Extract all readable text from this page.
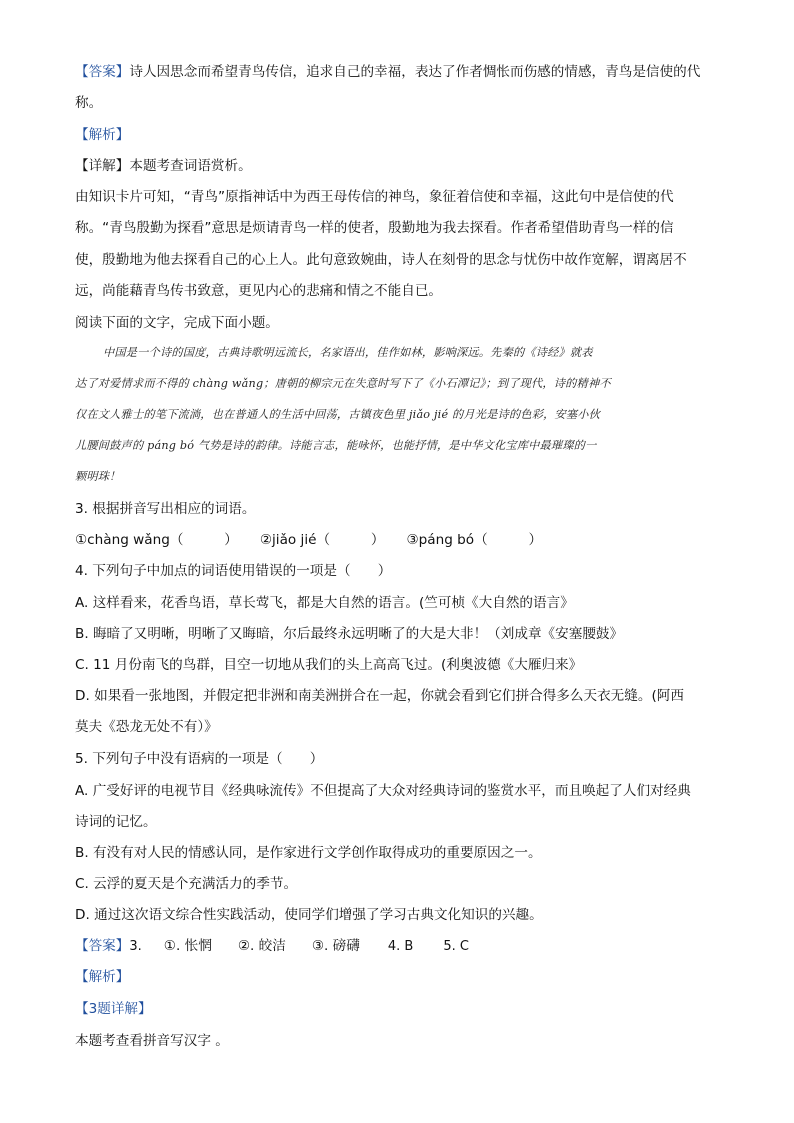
【答案】诗人因思念而希望青鸟传信，追求自己的幸福，表达了作者惆怅而伤感的情感，青鸟是信使的代
称。
【解析】
【详解】本题考查词语赏析。
由知识卡片可知，“青鸟”原指神话中为西王母传信的神鸟，象征着信使和幸福，这此句中是信使的代
称。“青鸟殷勤为探看”意思是烦请青鸟一样的使者，殷勤地为我去探看。作者希望借助青鸟一样的信
使，殷勤地为他去探看自己的心上人。此句意致婉曲，诗人在刻骨的思念与忧伤中故作宽解，谓离居不
远，尚能藉青鸟传书致意，更见内心的悲痛和情之不能自已。
阅读下面的文字，完成下面小题。
中国是一个诗的国度，古典诗歌明远流长，名家语出，佳作如林，影响深远。先秦的《诗经》就表
达了对爱情求而不得的 chàng wǎng；唐朝的柳宗元在失意时写下了《小石潭记》；到了现代，诗的精神不
仅在文人雅士的笔下流淌，也在普通人的生活中回荡，古镇夜色里 jiǎo jié 的月光是诗的色彩，安塞小伙
儿腰间鼓声的 páng bó 气势是诗的韵律。诗能言志，能咏怀，也能抒情，是中华文化宝库中最璀璨的一
颗明珠！
3. 根据拼音写出相应的词语。
①chàng wǎng（　　　） ②jiǎo jié（　　　） ③páng bó（　　　）
4. 下列句子中加点的词语使用错误的一项是（　　）
A. 这样看来，花香鸟语，草长莺飞，都是大自然的语言。(竺可桢《大自然的语言》
B. 晦暗了又明晰，明晰了又晦暗，尔后最终永远明晰了的大是大非！（刘成章《安塞腰鼓》
C. 11 月份南飞的鸟群，目空一切地从我们的头上高高飞过。(利奥波德《大雁归来》
D. 如果看一张地图，并假定把非洲和南美洲拼合在一起，你就会看到它们拼合得多么天衣无缝。(阿西
莫夫《恐龙无处不有）》
5. 下列句子中没有语病的一项是（　　）
A. 广受好评的电视节目《经典咏流传》不但提高了大众对经典诗词的鉴赏水平，而且唤起了人们对经典
诗词的记忆。
B. 有没有对人民的情感认同，是作家进行文学创作取得成功的重要原因之一。
C. 云浮的夏天是个充满活力的季节。
D. 通过这次语文综合性实践活动，使同学们增强了学习古典文化知识的兴趣。
【答案】3. ①. 怅惘 ②. 皎洁 ③. 磅礴 4. B 5. C
【解析】
【3题详解】
本题考查看拼音写汉字 。
